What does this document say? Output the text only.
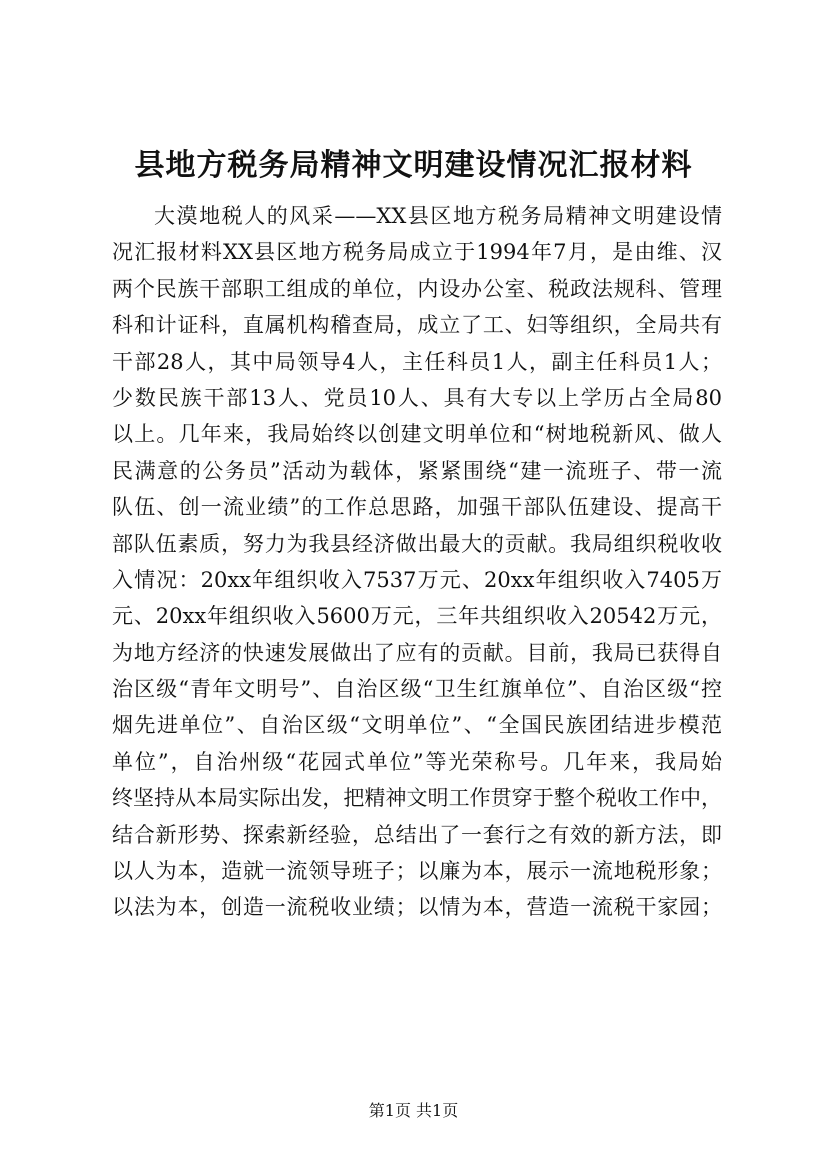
县地方税务局精神文明建设情况汇报材料
大漠地税人的风采——XX县区地方税务局精神文明建设情
况汇报材料XX县区地方税务局成立于1994年7月，是由维、汉
两个民族干部职工组成的单位，内设办公室、税政法规科、管理
科和计证科，直属机构稽查局，成立了工、妇等组织，全局共有
干部28人，其中局领导4人，主任科员1人，副主任科员1人；
少数民族干部13人、党员10人、具有大专以上学历占全局80
以上。几年来，我局始终以创建文明单位和“树地税新风、做人
民满意的公务员”活动为载体，紧紧围绕“建一流班子、带一流
队伍、创一流业绩”的工作总思路，加强干部队伍建设、提高干
部队伍素质，努力为我县经济做出最大的贡献。我局组织税收收
入情况：20xx年组织收入7537万元、20xx年组织收入7405万
元、20xx年组织收入5600万元，三年共组织收入20542万元，
为地方经济的快速发展做出了应有的贡献。目前，我局已获得自
治区级“青年文明号”、自治区级“卫生红旗单位”、自治区级“控
烟先进单位”、自治区级“文明单位”、“全国民族团结进步模范
单位”，自治州级“花园式单位”等光荣称号。几年来，我局始
终坚持从本局实际出发，把精神文明工作贯穿于整个税收工作中，
结合新形势、探索新经验，总结出了一套行之有效的新方法，即
以人为本，造就一流领导班子；以廉为本，展示一流地税形象；
以法为本，创造一流税收业绩；以情为本，营造一流税干家园；
第1页 共1页
